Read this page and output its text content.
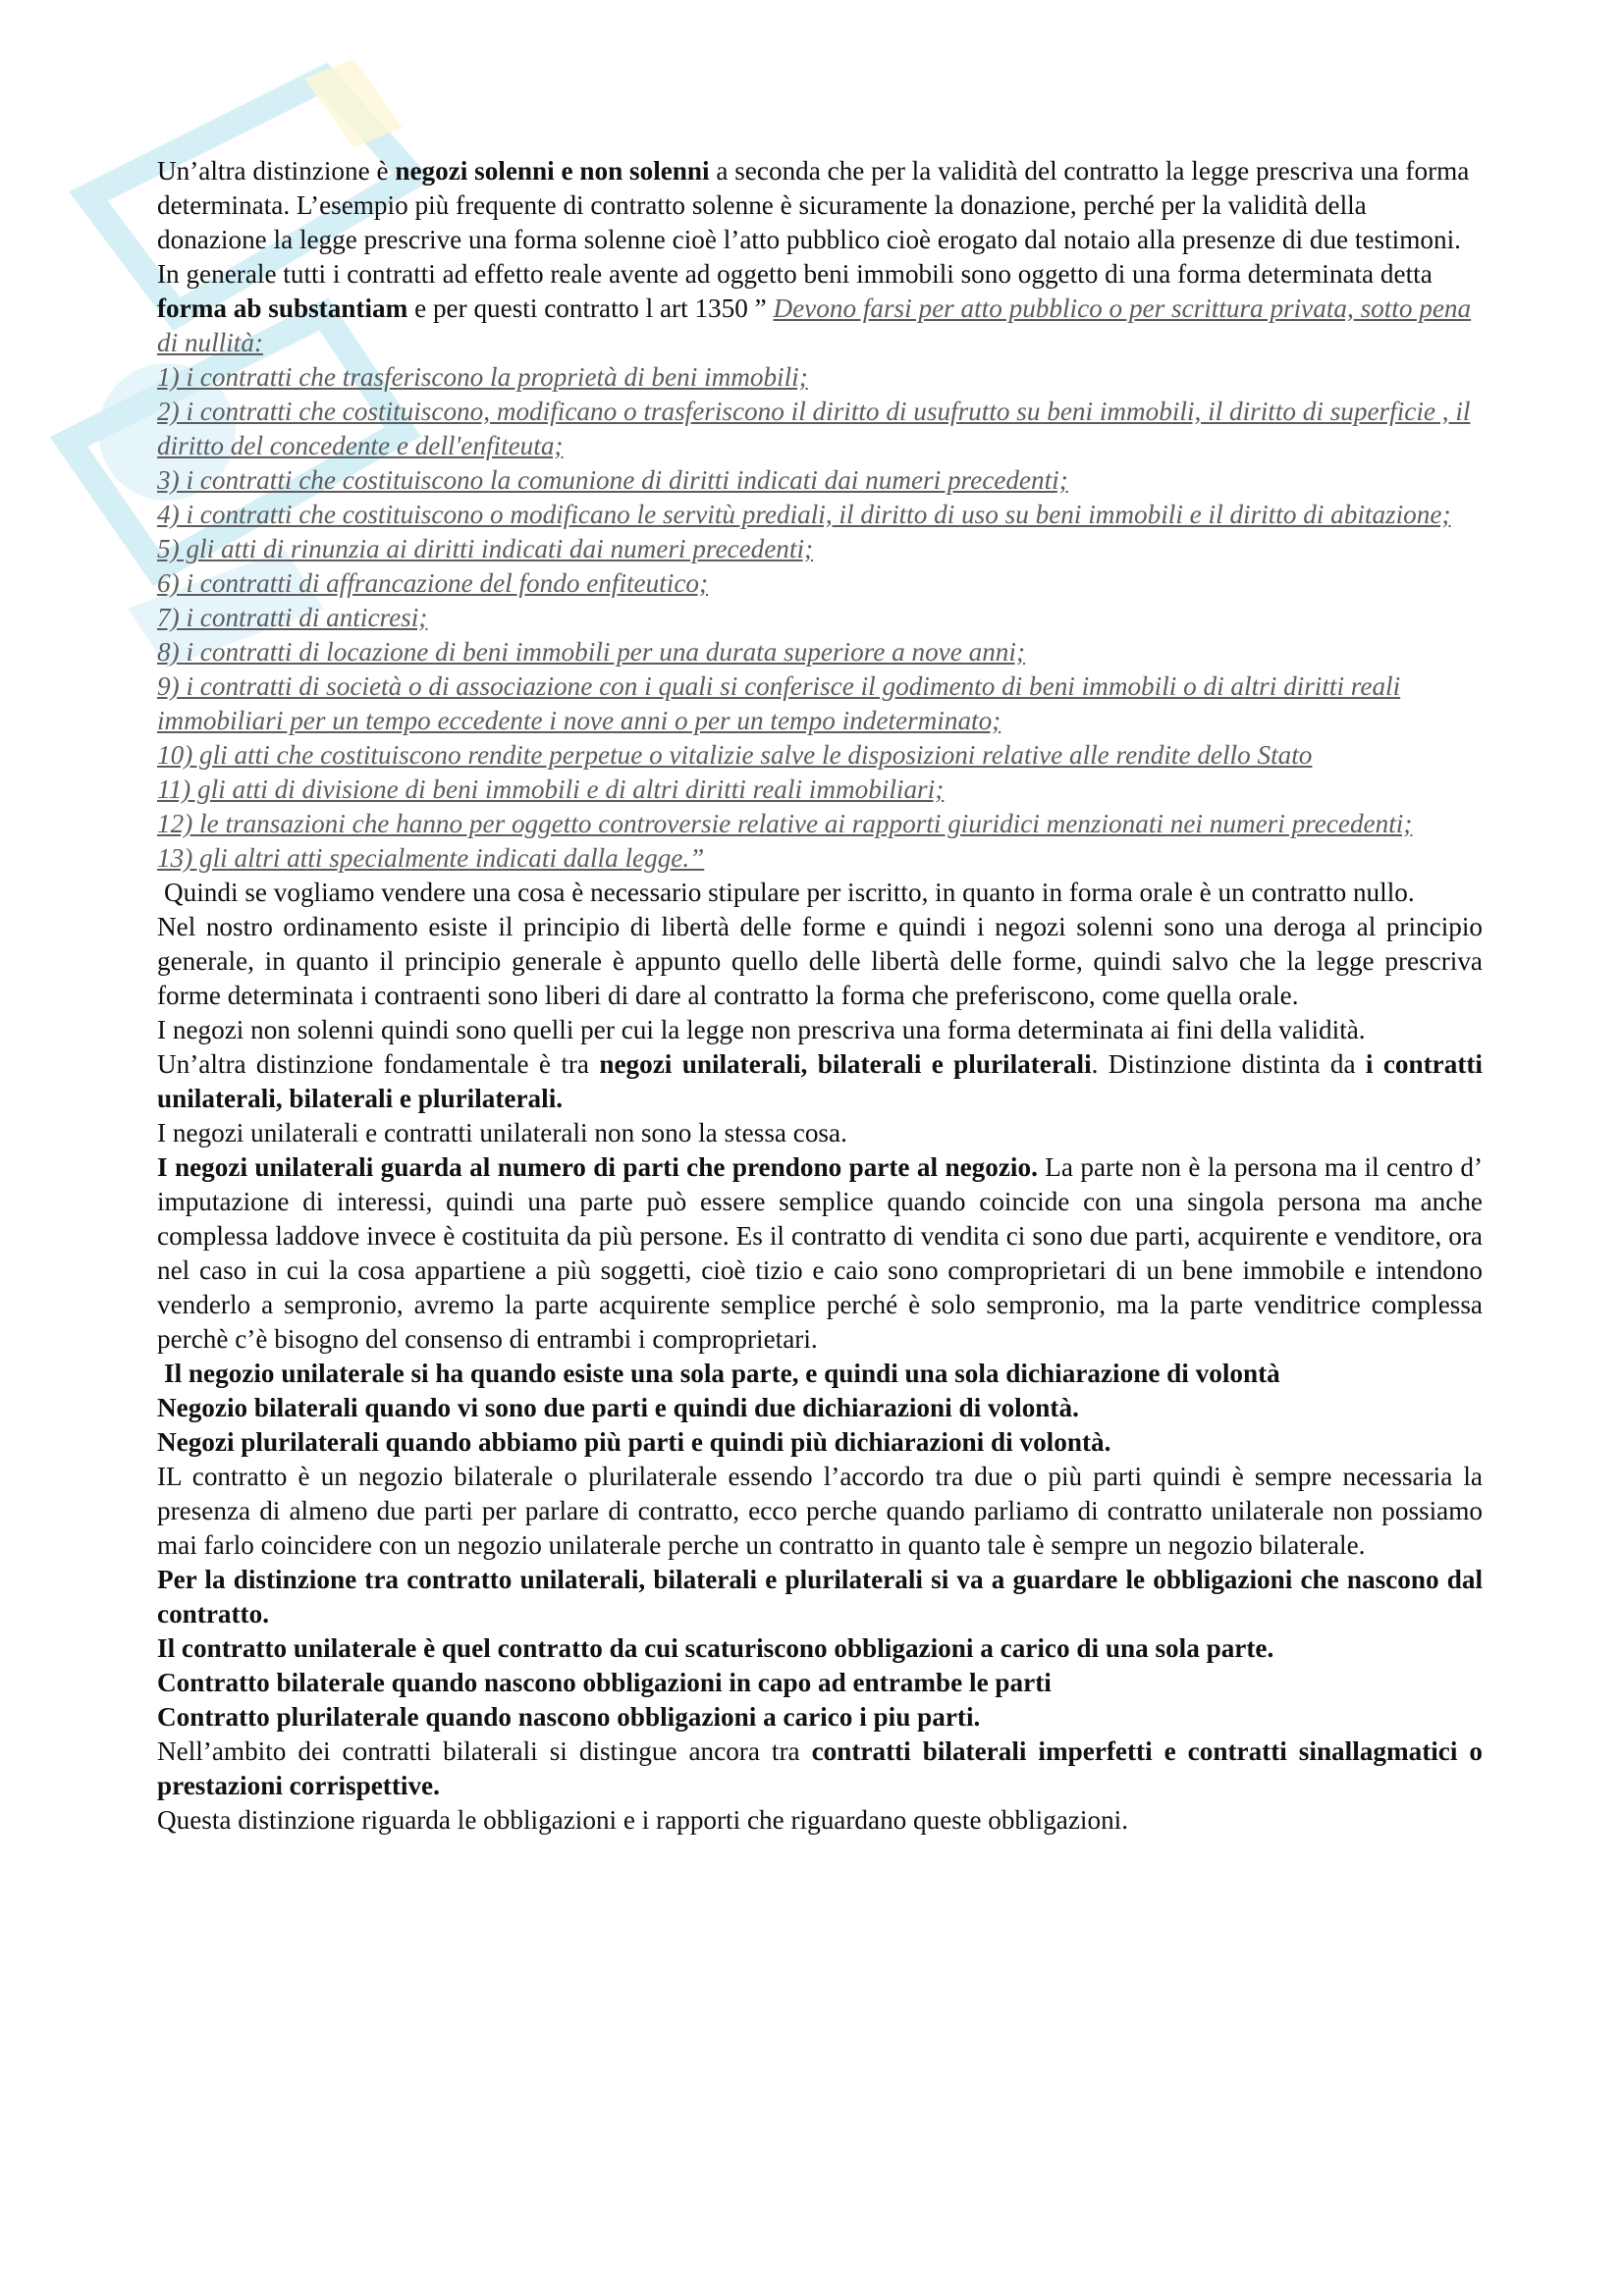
Un’altra distinzione è negozi solenni e non solenni a seconda che per la validità del contratto la legge prescriva una forma determinata. L’esempio più frequente di contratto solenne è sicuramente la donazione, perché per la validità della donazione la legge prescrive una forma solenne cioè l’atto pubblico cioè erogato dal notaio alla presenze di due testimoni. In generale tutti i contratti ad effetto reale avente ad oggetto beni immobili sono oggetto di una forma determinata detta forma ab substantiam e per questi contratto l art 1350 ” Devono farsi per atto pubblico o per scrittura privata, sotto pena di nullità:

1) i contratti che trasferiscono la proprietà di beni immobili;

2) i contratti che costituiscono, modificano o trasferiscono il diritto di usufrutto su beni immobili, il diritto di superficie , il diritto del concedente e dell'enfiteuta;

3) i contratti che costituiscono la comunione di diritti indicati dai numeri precedenti;

4) i contratti che costituiscono o modificano le servitù prediali, il diritto di uso su beni immobili e il diritto di abitazione;

5) gli atti di rinunzia ai diritti indicati dai numeri precedenti;

6) i contratti di affrancazione del fondo enfiteutico;

7) i contratti di anticresi;

8) i contratti di locazione di beni immobili per una durata superiore a nove anni;

9) i contratti di società o di associazione con i quali si conferisce il godimento di beni immobili o di altri diritti reali immobiliari per un tempo eccedente i nove anni o per un tempo indeterminato;

10) gli atti che costituiscono rendite perpetue o vitalizie salve le disposizioni relative alle rendite dello Stato

11) gli atti di divisione di beni immobili e di altri diritti reali immobiliari;

12) le transazioni che hanno per oggetto controversie relative ai rapporti giuridici menzionati nei numeri precedenti;

13) gli altri atti specialmente indicati dalla legge.”

Quindi se vogliamo vendere una cosa è necessario stipulare per iscritto, in quanto in forma orale è un contratto nullo.

Nel nostro ordinamento esiste il principio di libertà delle forme e quindi i negozi solenni sono una deroga al principio generale, in quanto il principio generale è appunto quello delle libertà delle forme, quindi salvo che la legge prescriva forme determinata i contraenti sono liberi di dare al contratto la forma che preferiscono, come quella orale.

I negozi non solenni quindi sono quelli per cui la legge non prescriva una forma determinata ai fini della validità.

Un’altra distinzione fondamentale è tra negozi unilaterali, bilaterali e plurilaterali. Distinzione distinta da i contratti unilaterali, bilaterali e plurilaterali.

I negozi unilaterali e contratti unilaterali non sono la stessa cosa.

I negozi unilaterali guarda al numero di parti che prendono parte al negozio. La parte non è la persona ma il centro d’ imputazione di interessi, quindi una parte può essere semplice quando coincide con una singola persona ma anche complessa laddove invece è costituita da più persone. Es il contratto di vendita ci sono due parti, acquirente e venditore, ora nel caso in cui la cosa appartiene a più soggetti, cioè tizio e caio sono comproprietari di un bene immobile e intendono venderlo a sempronio, avremo la parte acquirente semplice perché è solo sempronio, ma la parte venditrice complessa perchè c’è bisogno del consenso di entrambi i comproprietari.

Il negozio unilaterale si ha quando esiste una sola parte, e quindi una sola dichiarazione di volontà

Negozio bilaterali quando vi sono due parti e quindi due dichiarazioni di volontà.

Negozi plurilaterali quando abbiamo più parti e quindi più dichiarazioni di volontà.

IL contratto è un negozio bilaterale o plurilaterale essendo l’accordo tra due o più parti quindi è sempre necessaria la presenza di almeno due parti per parlare di contratto, ecco perche quando parliamo di contratto unilaterale non possiamo mai farlo coincidere con un negozio unilaterale perche un contratto in quanto tale è sempre un negozio bilaterale.

Per la distinzione tra contratto unilaterali, bilaterali e plurilaterali si va a guardare le obbligazioni che nascono dal contratto.

Il contratto unilaterale è quel contratto da cui scaturiscono obbligazioni a carico di una sola parte.

Contratto bilaterale quando nascono obbligazioni in capo ad entrambe le parti

Contratto plurilaterale quando nascono obbligazioni a carico i piu parti.

Nell’ambito dei contratti bilaterali si distingue ancora tra contratti bilaterali imperfetti e contratti sinallagmatici o prestazioni corrispettive.

Questa distinzione riguarda le obbligazioni e i rapporti che riguardano queste obbligazioni.
